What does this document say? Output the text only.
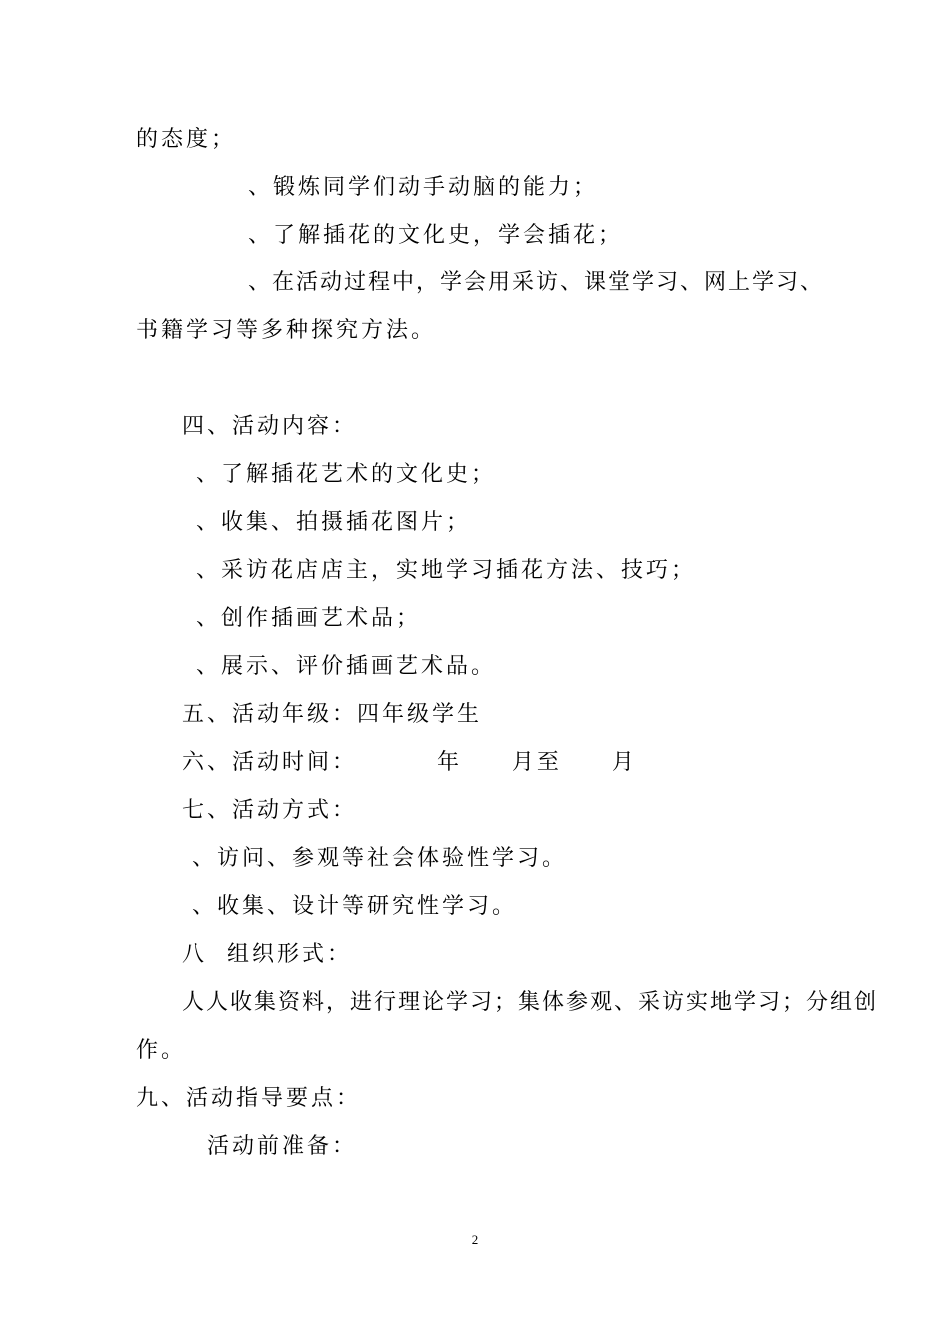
的态度；
、锻炼同学们动手动脑的能力；
、了解插花的文化史，学会插花；
、在活动过程中，学会用采访、课堂学习、网上学习、
书籍学习等多种探究方法。
四、活动内容：
、了解插花艺术的文化史；
、收集、拍摄插花图片；
、采访花店店主，实地学习插花方法、技巧；
、创作插画艺术品；
、展示、评价插画艺术品。
五、活动年级：四年级学生
六、活动时间：        年     月至     月
七、活动方式：
、访问、参观等社会体验性学习。
、收集、设计等研究性学习。
八  组织形式：
人人收集资料，进行理论学习；集体参观、采访实地学习；分组创
作。
九、活动指导要点：
活动前准备：
2
